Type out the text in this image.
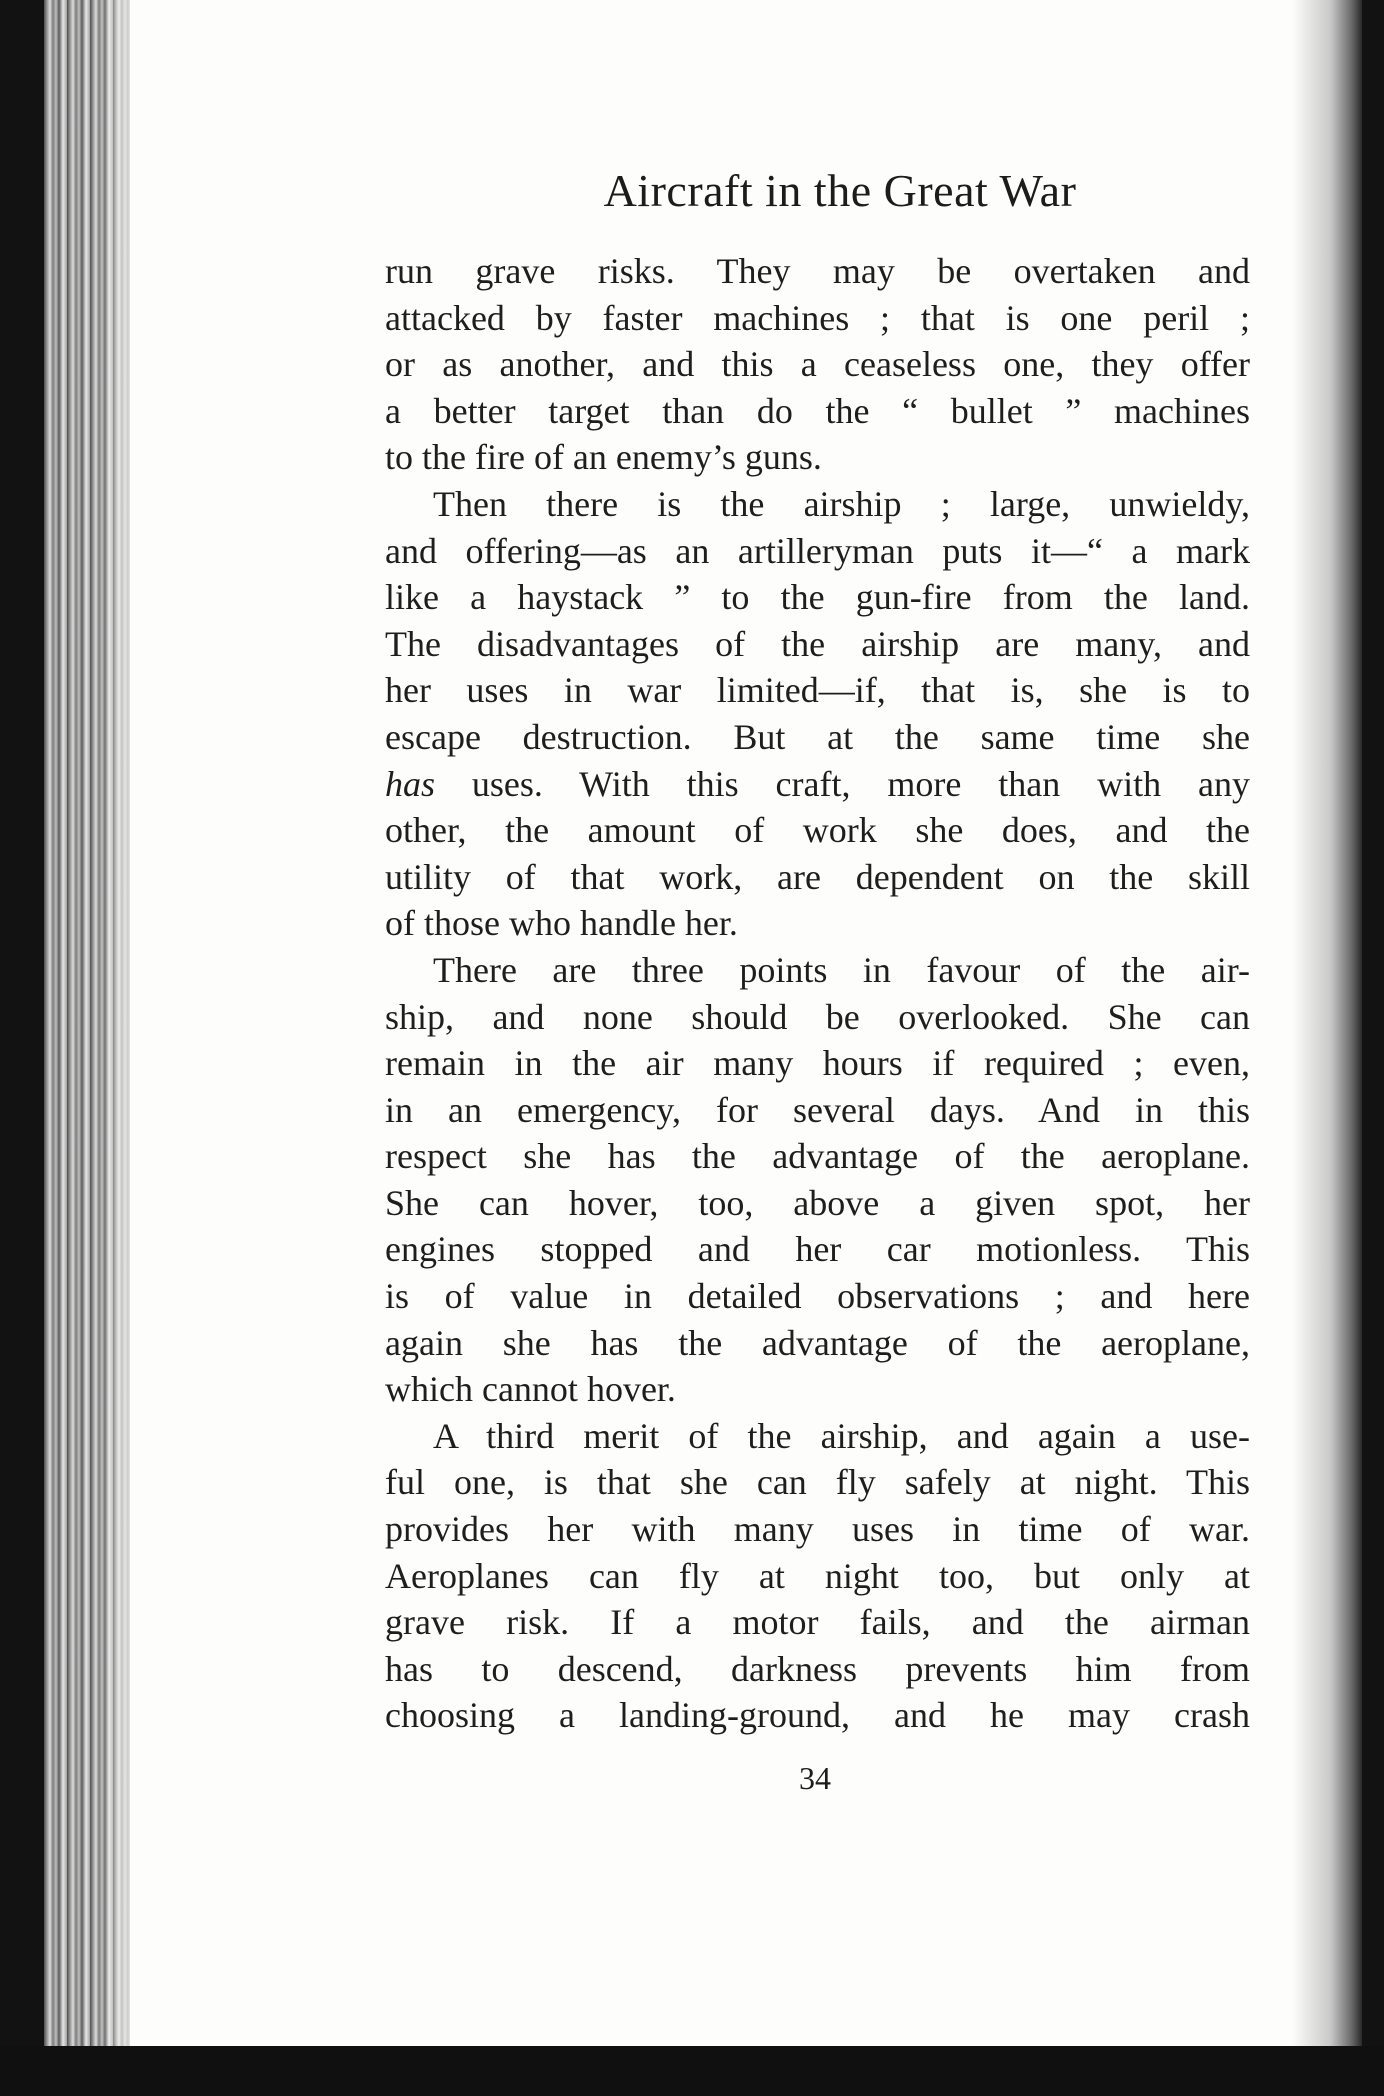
Aircraft in the Great War
run grave risks. They may be overtaken and
attacked by faster machines ; that is one peril ;
or as another, and this a ceaseless one, they offer
a better target than do the “ bullet ” machines
to the fire of an enemy’s guns.
Then there is the airship ; large, unwieldy,
and offering—as an artilleryman puts it—“ a mark
like a haystack ” to the gun-fire from the land.
The disadvantages of the airship are many, and
her uses in war limited—if, that is, she is to
escape destruction. But at the same time she
has uses. With this craft, more than with any
other, the amount of work she does, and the
utility of that work, are dependent on the skill
of those who handle her.
There are three points in favour of the air-
ship, and none should be overlooked. She can
remain in the air many hours if required ; even,
in an emergency, for several days. And in this
respect she has the advantage of the aeroplane.
She can hover, too, above a given spot, her
engines stopped and her car motionless. This
is of value in detailed observations ; and here
again she has the advantage of the aeroplane,
which cannot hover.
A third merit of the airship, and again a use-
ful one, is that she can fly safely at night. This
provides her with many uses in time of war.
Aeroplanes can fly at night too, but only at
grave risk. If a motor fails, and the airman
has to descend, darkness prevents him from
choosing a landing-ground, and he may crash

34
